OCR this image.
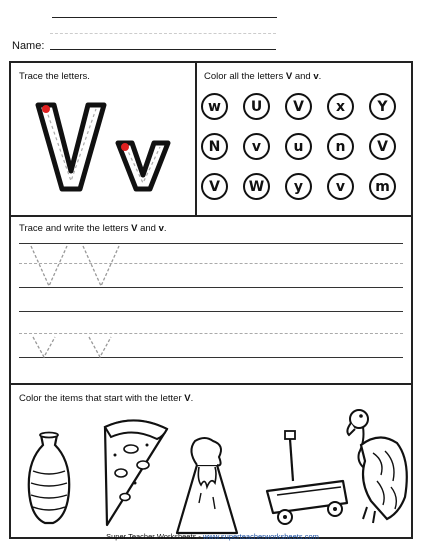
Name:
Trace the letters.	Color all the letters V and v.
w	U	V	x	Y
N	v	u	n	V
V	W	y	v	m
Trace and write the letters V and v.
Color the items that start with the letter V.
Super Teacher Worksheets - www.superteacherworksheets.com
